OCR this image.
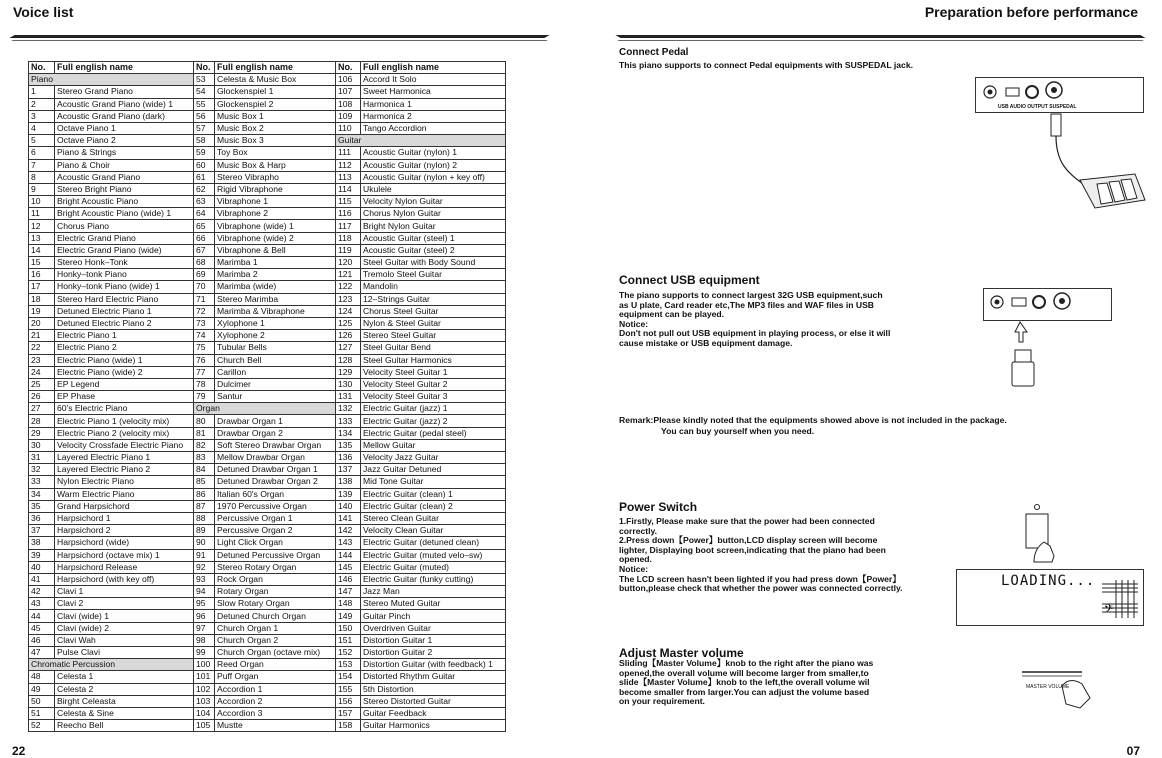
Voice list	Preparation before performance
No.	Full english name	No.	Full english name	No.	Full english name
Piano		53	Celesta & Music Box	106	Accord It Solo
1	Stereo Grand Piano	54	Glockenspiel 1	107	Sweet Harmonica
2	Acoustic Grand Piano (wide) 1	55	Glockenspiel 2	108	Harmonica 1
3	Acoustic Grand Piano (dark)	56	Music Box 1	109	Harmonica 2
4	Octave Piano 1	57	Music Box 2	110	Tango Accordion
5	Octave Piano 2	58	Music Box 3	Guitar	
6	Piano & Strings	59	Toy Box	111	Acoustic Guitar (nylon) 1
7	Piano & Choir	60	Music Box & Harp	112	Acoustic Guitar (nylon) 2
8	Acoustic Grand Piano	61	Stereo Vibrapho	113	Acoustic Guitar (nylon + key off)
9	Stereo Bright Piano	62	Rigid Vibraphone	114	Ukulele
10	Bright Acoustic Piano	63	Vibraphone 1	115	Velocity Nylon Guitar
11	Bright Acoustic Piano (wide) 1	64	Vibraphone 2	116	Chorus Nylon Guitar
12	Chorus Piano	65	Vibraphone (wide) 1	117	Bright Nylon Guitar
13	Electric Grand Piano	66	Vibraphone (wide) 2	118	Acoustic Guitar (steel) 1
14	Electric Grand Piano (wide)	67	Vibraphone & Bell	119	Acoustic Guitar (steel) 2
15	Stereo Honk–Tonk	68	Marimba 1	120	Steel Guitar with Body Sound
16	Honky–tonk Piano	69	Marimba 2	121	Tremolo Steel Guitar
17	Honky–tonk Piano (wide) 1	70	Marimba (wide)	122	Mandolin
18	Stereo Hard Electric Piano	71	Stereo Marimba	123	12–Strings Guitar
19	Detuned Electric Piano 1	72	Marimba & Vibraphone	124	Chorus Steel Guitar
20	Detuned Electric Piano 2	73	Xylophone 1	125	Nylon & Steel Guitar
21	Electric Piano 1	74	Xylophone 2	126	Stereo Steel Guitar
22	Electric Piano 2	75	Tubular Bells	127	Steel Guitar Bend
23	Electric Piano (wide) 1	76	Church Bell	128	Steel Guitar Harmonics
24	Electric Piano (wide) 2	77	Carillon	129	Velocity Steel Guitar 1
25	EP Legend	78	Dulcimer	130	Velocity Steel Guitar 2
26	EP Phase	79	Santur	131	Velocity Steel Guitar 3
27	60's Electric Piano	Organ		132	Electric Guitar (jazz) 1
28	Electric Piano 1 (velocity mix)	80	Drawbar Organ 1	133	Electric Guitar (jazz) 2
29	Electric Piano 2 (velocity mix)	81	Drawbar Organ 2	134	Electric Guitar (pedal steel)
30	Velocity Crossfade Electric Piano	82	Soft Stereo Drawbar Organ	135	Mellow Guitar
31	Layered Electric Piano 1	83	Mellow Drawbar Organ	136	Velocity Jazz Guitar
32	Layered Electric Piano 2	84	Detuned Drawbar Organ 1	137	Jazz Guitar Detuned
33	Nylon Electric Piano	85	Detuned Drawbar Organ 2	138	Mid Tone Guitar
34	Warm Electric Piano	86	Italian 60's Organ	139	Electric Guitar (clean) 1
35	Grand Harpsichord	87	1970 Percussive Organ	140	Electric Guitar (clean) 2
36	Harpsichord 1	88	Percussive Organ 1	141	Stereo Clean Guitar
37	Harpsichord 2	89	Percussive Organ 2	142	Velocity Clean Guitar
38	Harpsichord (wide)	90	Light Click Organ	143	Electric Guitar (detuned clean)
39	Harpsichord (octave mix) 1	91	Detuned Percussive Organ	144	Electric Guitar (muted velo–sw)
40	Harpsichord Release	92	Stereo Rotary Organ	145	Electric Guitar (muted)
41	Harpsichord (with key off)	93	Rock Organ	146	Electric Guitar (funky cutting)
42	Clavi 1	94	Rotary Organ	147	Jazz Man
43	Clavi 2	95	Slow Rotary Organ	148	Stereo Muted Guitar
44	Clavi (wide) 1	96	Detuned Church Organ	149	Guitar Pinch
45	Clavi (wide) 2	97	Church Organ 1	150	Overdriven Guitar
46	Clavi Wah	98	Church Organ 2	151	Distortion Guitar 1
47	Pulse Clavi	99	Church Organ (octave mix)	152	Distortion Guitar 2
Chromatic Percussion		100	Reed Organ	153	Distortion Guitar (with feedback) 1
48	Celesta 1	101	Puff Organ	154	Distorted Rhythm Guitar
49	Celesta 2	102	Accordion 1	155	5th Distortion
50	Birght Celeasta	103	Accordion 2	156	Stereo Distorted Guitar
51	Celesta & Sine	104	Accordion 3	157	Guitar Feedback
52	Reecho Bell	105	Mustte	158	Guitar Harmonics
Connect Pedal
This piano supports to connect Pedal equipments with SUSPEDAL jack.
USB AUDIO OUTPUT SUSPEDAL
Connect USB equipment
The piano supports to connect largest 32G USB equipment,such
as U plate, Card reader etc,The MP3 files and WAF files in USB
equipment can be played.
Notice:
Don't not pull out USB equipment in playing process, or else it will
cause mistake or USB equipment damage.
Remark:Please kindly noted that the equipments showed above is not included in the package.
You can buy yourself when you need.
Power Switch
1.Firstly, Please make sure that the power had been connected
correctly.
2.Press down【Power】button,LCD display screen will become
lighter, Displaying boot screen,indicating that the piano had been
opened.
Notice:
The LCD screen hasn't been lighted if you had press down【Power】
button,please check that whether the power was connected correctly.	LOADING...
𝄢
Adjust Master volume
Sliding【Master Volume】knob to the right after the piano was
opened,the overall volume will become larger from smaller,to
slide【Master Volume】knob to the left,the overall volume wil
become smaller from larger.You can adjust the volume based
on your requirement.
MASTER VOLUME
22	07
